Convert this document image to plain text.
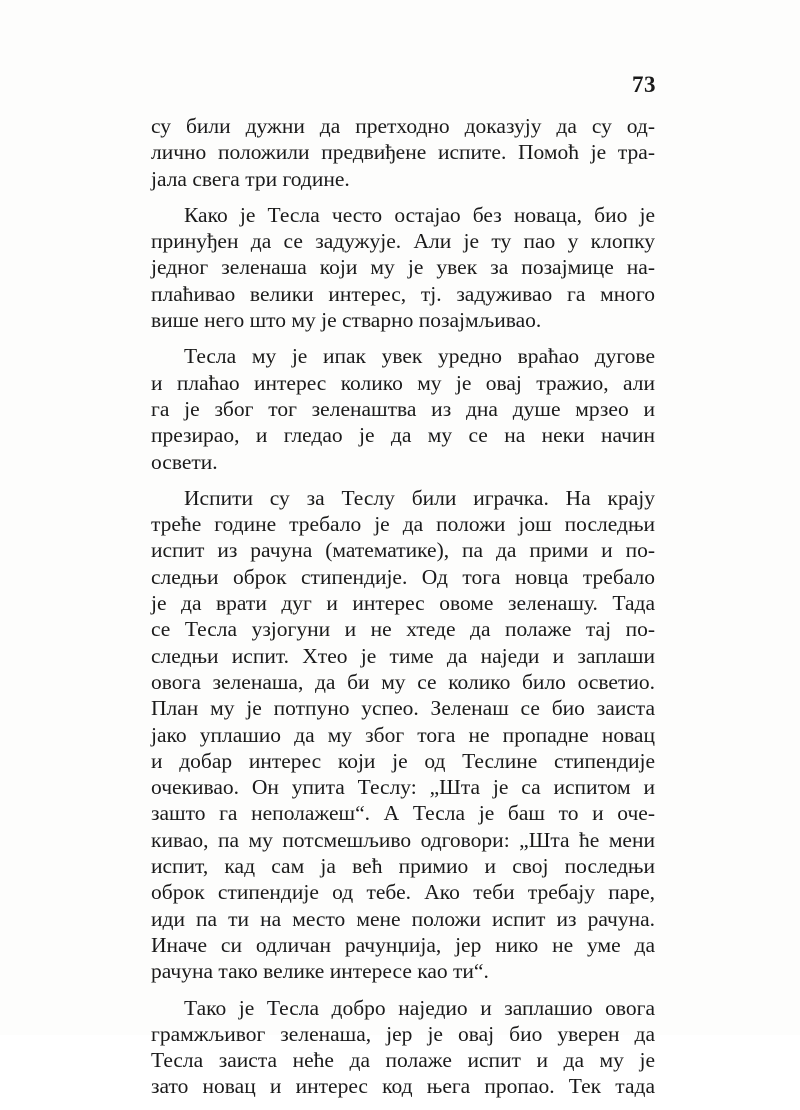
73
су били дужни да претходно доказују да су од-
лично положили предвиђене испите. Помоћ је тра-
јала свега три године.
Како је Тесла често остајао без новаца, био је
принуђен да се задужује. Али је ту пао у клопку
једног зеленаша који му је увек за позајмице на-
плаћивао велики интерес, тј. задуживао га много
више него што му је стварно позајмљивао.
Тесла му је ипак увек уредно враћао дугове
и плаћао интерес колико му је овај тражио, али
га је због тог зеленаштва из дна душе мрзео и
презирао, и гледао је да му се на неки начин
освети.
Испити су за Теслу били играчка. На крају
треће године требало је да положи још последњи
испит из рачуна (математике), па да прими и по-
следњи оброк стипендије. Од тога новца требало
је да врати дуг и интерес овоме зеленашу. Тада
се Тесла узјогуни и не хтеде да полаже тај по-
следњи испит. Хтео је тиме да наједи и заплаши
овога зеленаша, да би му се колико било осветио.
План му је потпуно успео. Зеленаш се био заиста
јако уплашио да му због тога не пропадне новац
и добар интерес који је од Теслине стипендије
очекивао. Он упита Теслу: „Шта је са испитом и
зашто га неполажеш“. А Тесла је баш то и оче-
кивао, па му потсмешљиво одговори: „Шта ће мени
испит, кад сам ја већ примио и свој последњи
оброк стипендије од тебе. Ако теби требају паре,
иди па ти на место мене положи испит из рачуна.
Иначе си одличан рачунџија, јер нико не уме да
рачуна тако велике интересе као ти“.
Тако је Тесла добро наједио и заплашио овога
грамжљивог зеленаша, јер је овај био уверен да
Тесла заиста неће да полаже испит и да му је
зато новац и интерес код њега пропао. Тек тада
